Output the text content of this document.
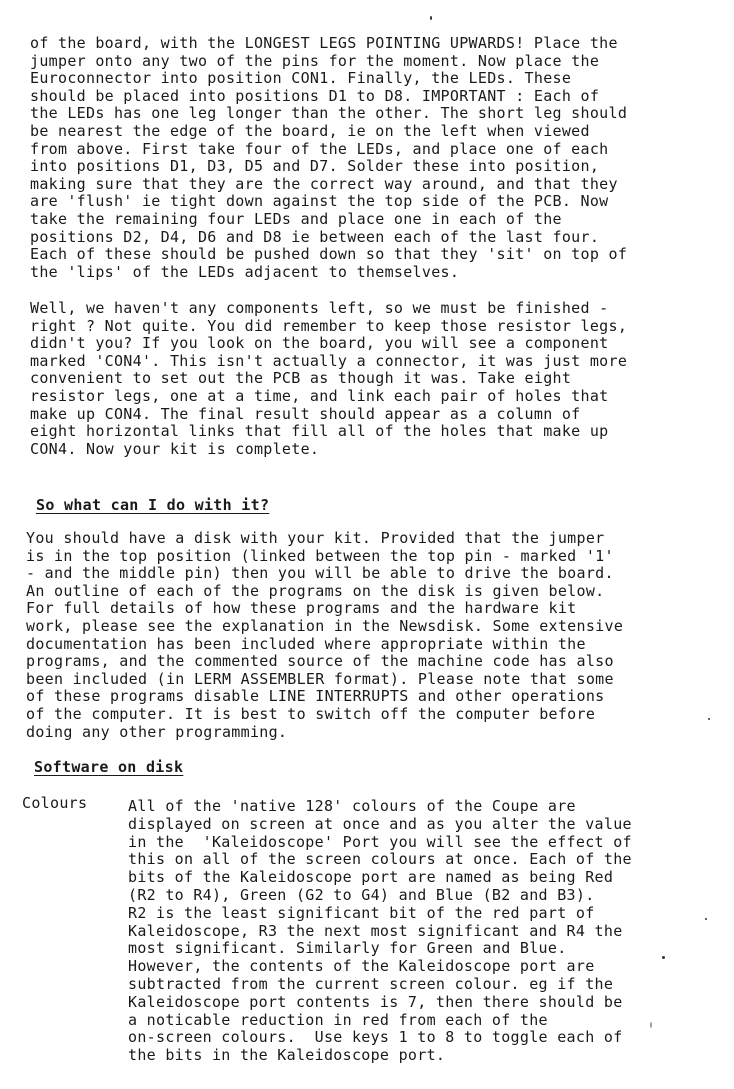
of the board, with the LONGEST LEGS POINTING UPWARDS! Place the
jumper onto any two of the pins for the moment. Now place the
Euroconnector into position CON1. Finally, the LEDs. These
should be placed into positions D1 to D8. IMPORTANT : Each of
the LEDs has one leg longer than the other. The short leg should
be nearest the edge of the board, ie on the left when viewed
from above. First take four of the LEDs, and place one of each
into positions D1, D3, D5 and D7. Solder these into position,
making sure that they are the correct way around, and that they
are 'flush' ie tight down against the top side of the PCB. Now
take the remaining four LEDs and place one in each of the
positions D2, D4, D6 and D8 ie between each of the last four.
Each of these should be pushed down so that they 'sit' on top of
the 'lips' of the LEDs adjacent to themselves.

Well, we haven't any components left, so we must be finished -
right ? Not quite. You did remember to keep those resistor legs,
didn't you? If you look on the board, you will see a component
marked 'CON4'. This isn't actually a connector, it was just more
convenient to set out the PCB as though it was. Take eight
resistor legs, one at a time, and link each pair of holes that
make up CON4. The final result should appear as a column of
eight horizontal links that fill all of the holes that make up
CON4. Now your kit is complete.

So what can I do with it?

You should have a disk with your kit. Provided that the jumper
is in the top position (linked between the top pin - marked '1'
- and the middle pin) then you will be able to drive the board.
An outline of each of the programs on the disk is given below.
For full details of how these programs and the hardware kit
work, please see the explanation in the Newsdisk. Some extensive
documentation has been included where appropriate within the
programs, and the commented source of the machine code has also
been included (in LERM ASSEMBLER format). Please note that some
of these programs disable LINE INTERRUPTS and other operations
of the computer. It is best to switch off the computer before
doing any other programming.

Software on disk
Colours	All of the 'native 128' colours of the Coupe are
displayed on screen at once and as you alter the value
in the  'Kaleidoscope' Port you will see the effect of
this on all of the screen colours at once. Each of the
bits of the Kaleidoscope port are named as being Red
(R2 to R4), Green (G2 to G4) and Blue (B2 and B3).
R2 is the least significant bit of the red part of
Kaleidoscope, R3 the next most significant and R4 the
most significant. Similarly for Green and Blue.
However, the contents of the Kaleidoscope port are
subtracted from the current screen colour. eg if the
Kaleidoscope port contents is 7, then there should be
a noticable reduction in red from each of the
on-screen colours.  Use keys 1 to 8 to toggle each of
the bits in the Kaleidoscope port.
